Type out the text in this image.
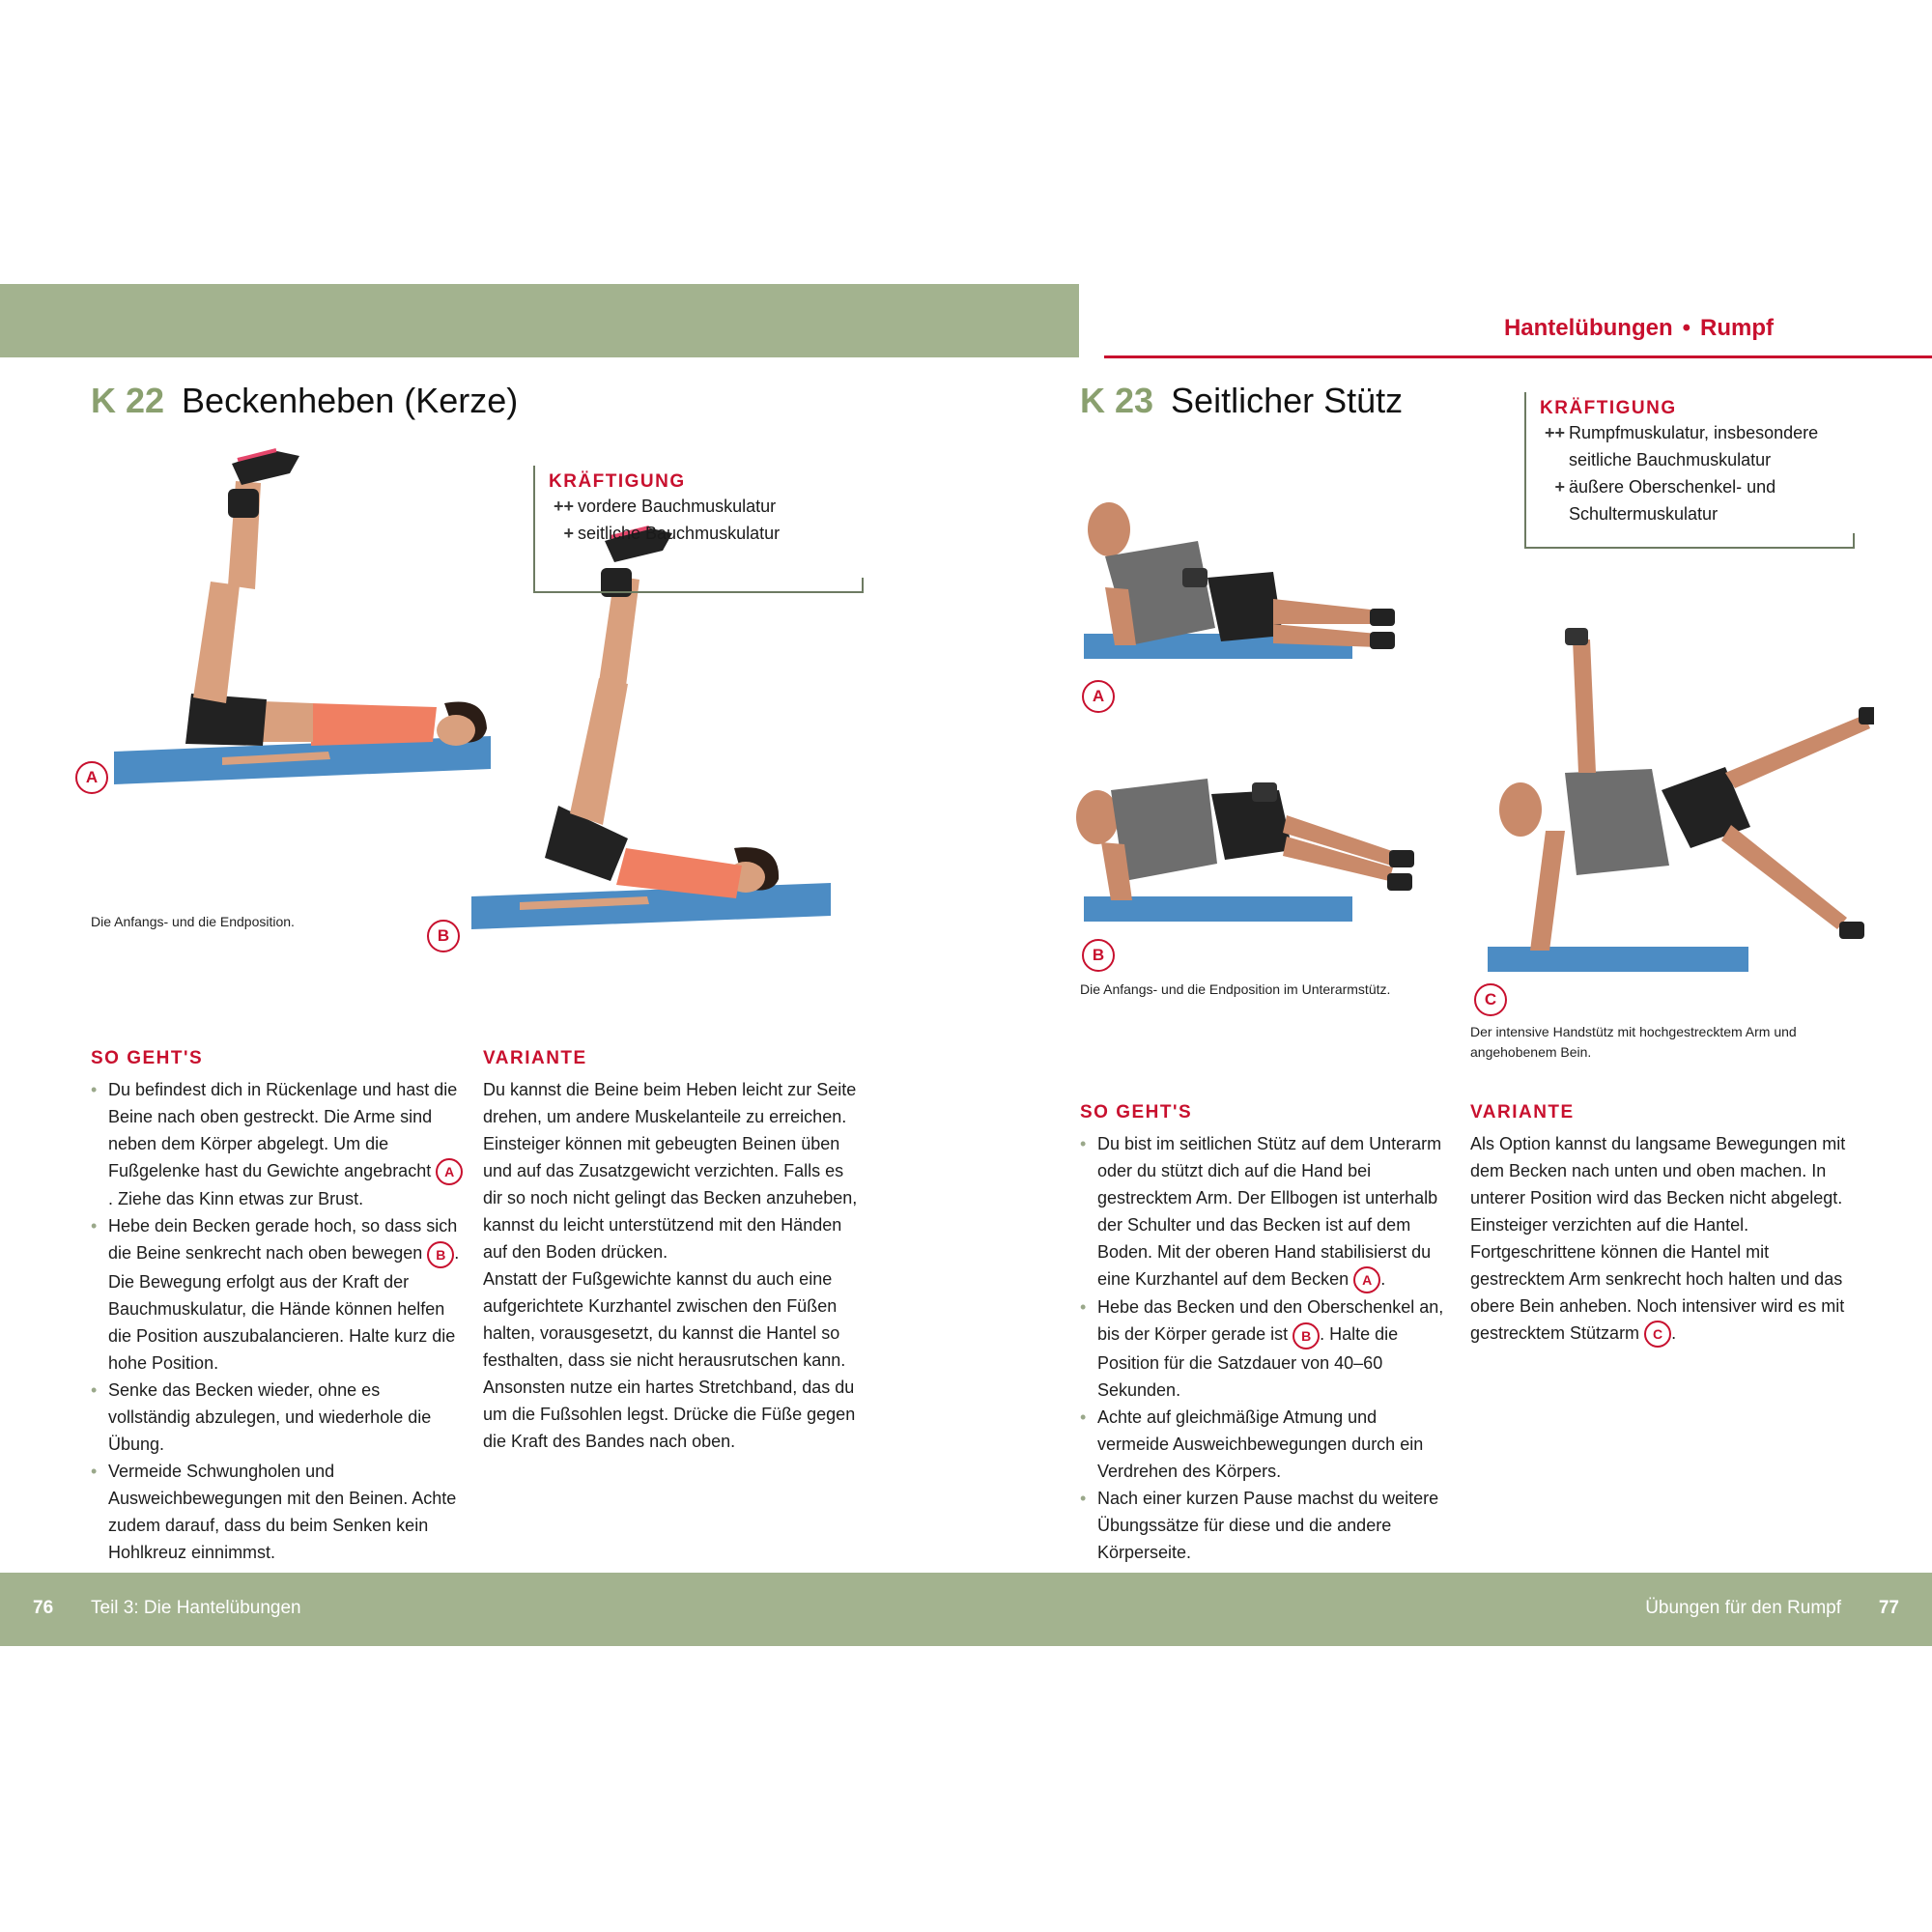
Hantelübungen • Rumpf
K 22 Beckenheben (Kerze)
A
B
KRÄFTIGUNG
++ vordere Bauchmuskulatur
+ seitliche Bauchmuskulatur
Die Anfangs- und die Endposition.
SO GEHT'S

• Du befindest dich in Rückenlage und hast die Beine nach oben gestreckt. Die Arme sind neben dem Körper abgelegt. Um die Fußgelenke hast du Gewichte angebracht A. Ziehe das Kinn etwas zur Brust.

• Hebe dein Becken gerade hoch, so dass sich die Beine senkrecht nach oben bewegen B . Die Bewegung erfolgt aus der Kraft der Bauchmuskulatur, die Hände können helfen die Position auszubalancieren. Halte kurz die hohe Position.

• Senke das Becken wieder, ohne es vollständig abzulegen, und wiederhole die Übung.

• Vermeide Schwungholen und Ausweichbewegungen mit den Beinen. Achte zudem darauf, dass du beim Senken kein Hohlkreuz einnimmst.

VARIANTE

Du kannst die Beine beim Heben leicht zur Seite drehen, um andere Muskelanteile zu erreichen.

Einsteiger können mit gebeugten Beinen üben und auf das Zusatzgewicht verzichten. Falls es dir so noch nicht gelingt das Becken anzuheben, kannst du leicht unterstützend mit den Händen auf den Boden drücken.

Anstatt der Fußgewichte kannst du auch eine aufgerichtete Kurzhantel zwischen den Füßen halten, vorausgesetzt, du kannst die Hantel so festhalten, dass sie nicht herausrutschen kann. Ansonsten nutze ein hartes Stretchband, das du um die Fußsohlen legst. Drücke die Füße gegen die Kraft des Bandes nach oben.

K 23 Seitlicher Stütz	KRÄFTIGUNG
++ Rumpfmuskulatur, insbesondere seitliche Bauchmuskulatur
+ äußere Oberschenkel- und Schultermuskulatur
A
B
C
Die Anfangs- und die Endposition im Unterarmstütz.
Der intensive Handstütz mit hochgestrecktem Arm und angehobenem Bein.
SO GEHT'S

• Du bist im seitlichen Stütz auf dem Unterarm oder du stützt dich auf die Hand bei gestrecktem Arm. Der Ellbogen ist unterhalb der Schulter und das Becken ist auf dem Boden. Mit der oberen Hand stabilisierst du eine Kurzhantel auf dem Becken A .

• Hebe das Becken und den Oberschenkel an, bis der Körper gerade ist B . Halte die Position für die Satzdauer von 40–60 Sekunden.

• Achte auf gleichmäßige Atmung und vermeide Ausweichbewegungen durch ein Verdrehen des Körpers.

• Nach einer kurzen Pause machst du weitere Übungssätze für diese und die andere Körperseite.

VARIANTE

Als Option kannst du langsame Bewegungen mit dem Becken nach unten und oben machen. In unterer Position wird das Becken nicht abgelegt.

Einsteiger verzichten auf die Hantel. Fortgeschrittene können die Hantel mit gestrecktem Arm senkrecht hoch halten und das obere Bein anheben. Noch intensiver wird es mit gestrecktem Stützarm C .

76 Teil 3: Die Hantelübungen	Übungen für den Rumpf 77
